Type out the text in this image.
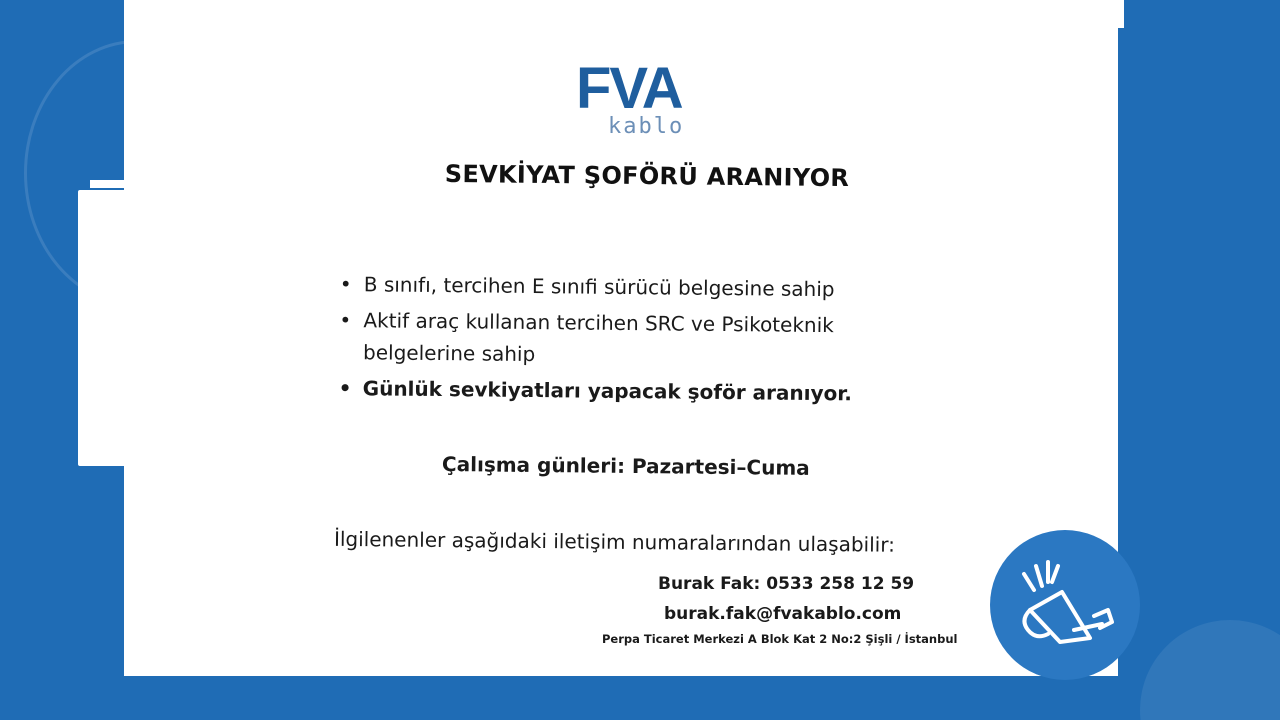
FVA
kablo
SEVKİYAT ŞOFÖRÜ ARANIYOR
• B sınıfı, tercihen E sınıfi sürücü belgesine sahip
• Aktif araç kullanan tercihen SRC ve Psikoteknik belgelerine sahip
• Günlük sevkiyatları yapacak şoför aranıyor.
Çalışma günleri: Pazartesi–Cuma
İlgilenenler aşağıdaki iletişim numaralarından ulaşabilir:
Burak Fak: 0533 258 12 59
burak.fak@fvakablo.com
Perpa Ticaret Merkezi A Blok Kat 2 No:2 Şişli / İstanbul
